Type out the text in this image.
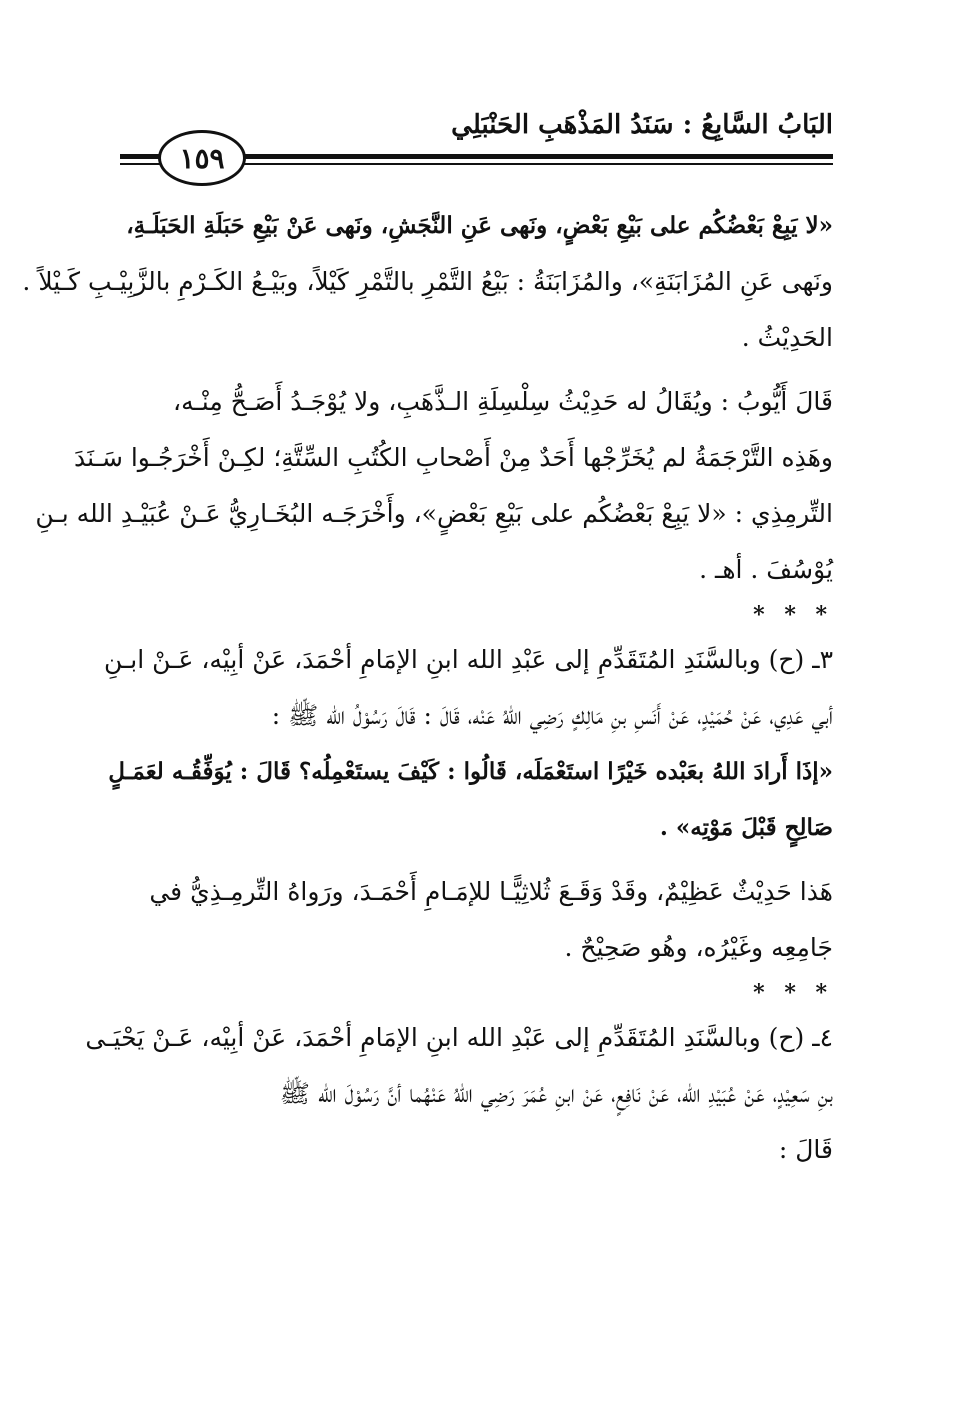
البَابُ السَّابِعُ : سَنَدُ المَذْهَبِ الحَنْبَلِي
١٥٩
«لا يَبِعْ بَعْضُكُم على بَيْعِ بَعْضٍ، ونَهى عَنِ النَّجَشِ، ونَهى عَنْ بَيْعِ حَبَلَةِ الحَبَلَـةِ،
ونَهى عَنِ المُزَابَنَةِ»، والمُزَابَنَةُ : بَيْعُ التَّمْرِ بالتَّمْرِ كَيْلاً، وبَيْـعُ الكَـرْمِ بالزَّبِيْـبِ كَـيْلاً .
الحَدِيْثُ .
قَالَ أَيُّوبُ : ويُقَالُ له حَدِيْثُ سِلْسِلَةِ الـذَّهَبِ، ولا يُوْجَـدُ أَصَـحُّ مِنْـه،
وهَذِه التَّرْجَمَةُ لم يُخَرِّجْها أَحَدٌ مِنْ أَصْحابِ الكُتُبِ السِّتَّةِ؛ لكِـنْ أَخْرَجُـوا سَـنَدَ
التِّرمِذِي : «لا يَبِعْ بَعْضُكُم على بَيْعِ بَعْضٍ»، وأَخْرَجَـه البُخَـارِيُّ عَـنْ عُبَيْـدِ الله بـنِ
يُوْسُفَ . أهـ .
* * *
٣ـ (ح) وبالسَّنَدِ المُتَقَدِّمِ إلى عَبْدِ الله ابنِ الإمَامِ أحْمَدَ، عَنْ أبِيْه، عَـنْ ابـنِ
أبي عَدِي، عَنْ حُمَيْدٍ، عَنْ أَنَسِ بنِ مَالِكٍ رَضِي اللهُ عَنْه، قَالَ : قَالَ رَسُوْلُ الله ﷺ :
«إذَا أَرادَ اللهُ بعَبْده خَيْرًا استَعْمَلَه، قَالُوا : كَيْفَ يستَعْمِلُه؟ قَالَ : يُوَفِّقُـه لعَمَـلٍ
صَالِحٍ قَبْلَ مَوْتِه» .
هَذا حَدِيْثٌ عَظِيْمٌ، وقَدْ وَقَـعَ ثُلاثِيًّـا للإمَـامِ أَحْمَـدَ، ورَواهُ التِّرمِـذِيُّ في
جَامِعِه وغَيْرُه، وهُو صَحِيْحٌ .
* * *
٤ـ (ح) وبالسَّنَدِ المُتَقَدِّمِ إلى عَبْدِ الله ابنِ الإمَامِ أحْمَدَ، عَنْ أبِيْه، عَـنْ يَحْيَـى
بنِ سَعِيْدٍ، عَنْ عُبَيْدِ الله، عَنْ نَافِعٍ، عَنْ ابنِ عُمَرَ رَضِي اللهُ عَنْهُما أنَّ رَسُوْلَ الله ﷺ
قَالَ :
